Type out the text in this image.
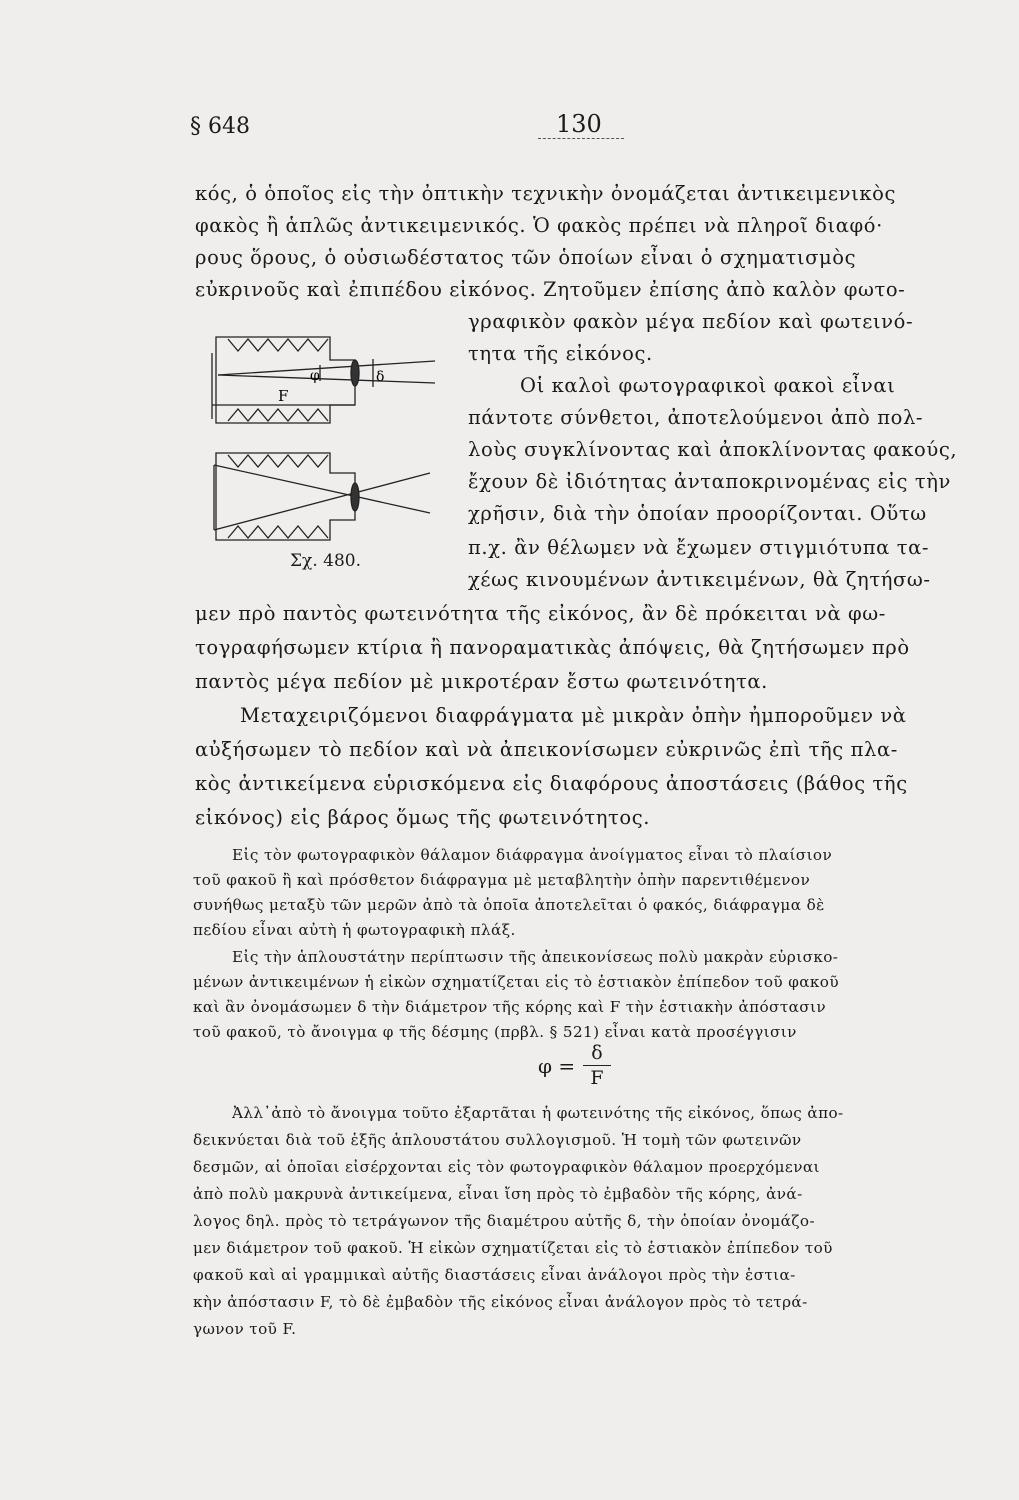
§ 648	130
κός, ὁ ὁποῖος εἰς τὴν ὀπτικὴν τεχνικὴν ὀνομάζεται ἀντικειμενικὸς
φακὸς ἢ ἁπλῶς ἀντικειμενικός. Ὁ φακὸς πρέπει νὰ πληροῖ διαφό·
ρους ὅρους, ὁ οὐσιωδέστατος τῶν ὁποίων εἶναι ὁ σχηματισμὸς
εὐκρινοῦς καὶ ἐπιπέδου εἰκόνος. Ζητοῦμεν ἐπίσης ἀπὸ καλὸν φωτο-
γραφικὸν φακὸν μέγα πεδίον καὶ φωτεινό-
τητα τῆς εἰκόνος.
Οἱ καλοὶ φωτογραφικοὶ φακοὶ εἶναι
πάντοτε σύνθετοι, ἀποτελούμενοι ἀπὸ πολ-
λοὺς συγκλίνοντας καὶ ἀποκλίνοντας φακούς,
ἔχουν δὲ ἰδιότητας ἀνταποκρινομένας εἰς τὴν
χρῆσιν, διὰ τὴν ὁποίαν προορίζονται. Οὕτω
π.χ. ἂν θέλωμεν νὰ ἔχωμεν στιγμιότυπα τα-
χέως κινουμένων ἀντικειμένων, θὰ ζητήσω-
μεν πρὸ παντὸς φωτεινότητα τῆς εἰκόνος, ἂν δὲ πρόκειται νὰ φω-
τογραφήσωμεν κτίρια ἢ πανοραματικὰς ἀπόψεις, θὰ ζητήσωμεν πρὸ
παντὸς μέγα πεδίον μὲ μικροτέραν ἔστω φωτεινότητα.
Μεταχειριζόμενοι διαφράγματα μὲ μικρὰν ὀπὴν ἠμποροῦμεν νὰ
αὐξήσωμεν τὸ πεδίον καὶ νὰ ἀπεικονίσωμεν εὐκρινῶς ἐπὶ τῆς πλα-
κὸς ἀντικείμενα εὑρισκόμενα εἰς διαφόρους ἀποστάσεις (βάθος τῆς
εἰκόνος) εἰς βάρος ὅμως τῆς φωτεινότητος.
Εἰς τὸν φωτογραφικὸν θάλαμον διάφραγμα ἀνοίγματος εἶναι τὸ πλαίσιον
τοῦ φακοῦ ἢ καὶ πρόσθετον διάφραγμα μὲ μεταβλητὴν ὀπὴν παρεντιθέμενον
συνήθως μεταξὺ τῶν μερῶν ἀπὸ τὰ ὁποῖα ἀποτελεῖται ὁ φακός, διάφραγμα δὲ
πεδίου εἶναι αὐτὴ ἡ φωτογραφικὴ πλάξ.
Εἰς τὴν ἁπλουστάτην περίπτωσιν τῆς ἀπεικονίσεως πολὺ μακρὰν εὑρισκο-
μένων ἀντικειμένων ἡ εἰκὼν σχηματίζεται εἰς τὸ ἑστιακὸν ἐπίπεδον τοῦ φακοῦ
καὶ ἂν ὀνομάσωμεν δ τὴν διάμετρον τῆς κόρης καὶ F τὴν ἑστιακὴν ἀπόστασιν
τοῦ φακοῦ, τὸ ἄνοιγμα φ τῆς δέσμης (πρβλ. § 521) εἶναι κατὰ προσέγγισιν
φ =
δ
F
Ἀλλ᾽ἀπὸ τὸ ἄνοιγμα τοῦτο ἐξαρτᾶται ἡ φωτεινότης τῆς εἰκόνος, ὅπως ἀπο-
δεικνύεται διὰ τοῦ ἑξῆς ἁπλουστάτου συλλογισμοῦ. Ἡ τομὴ τῶν φωτεινῶν
δεσμῶν, αἱ ὁποῖαι εἰσέρχονται εἰς τὸν φωτογραφικὸν θάλαμον προερχόμεναι
ἀπὸ πολὺ μακρυνὰ ἀντικείμενα, εἶναι ἴση πρὸς τὸ ἐμβαδὸν τῆς κόρης, ἀνά-
λογος δηλ. πρὸς τὸ τετράγωνον τῆς διαμέτρου αὐτῆς δ, τὴν ὁποίαν ὀνομάζο-
μεν διάμετρον τοῦ φακοῦ. Ἡ εἰκὼν σχηματίζεται εἰς τὸ ἑστιακὸν ἐπίπεδον τοῦ
φακοῦ καὶ αἱ γραμμικαὶ αὐτῆς διαστάσεις εἶναι ἀνάλογοι πρὸς τὴν ἑστια-
κὴν ἀπόστασιν F, τὸ δὲ ἐμβαδὸν τῆς εἰκόνος εἶναι ἀνάλογον πρὸς τὸ τετρά-
γωνον τοῦ F.
φ	δ
F
Σχ. 480.
